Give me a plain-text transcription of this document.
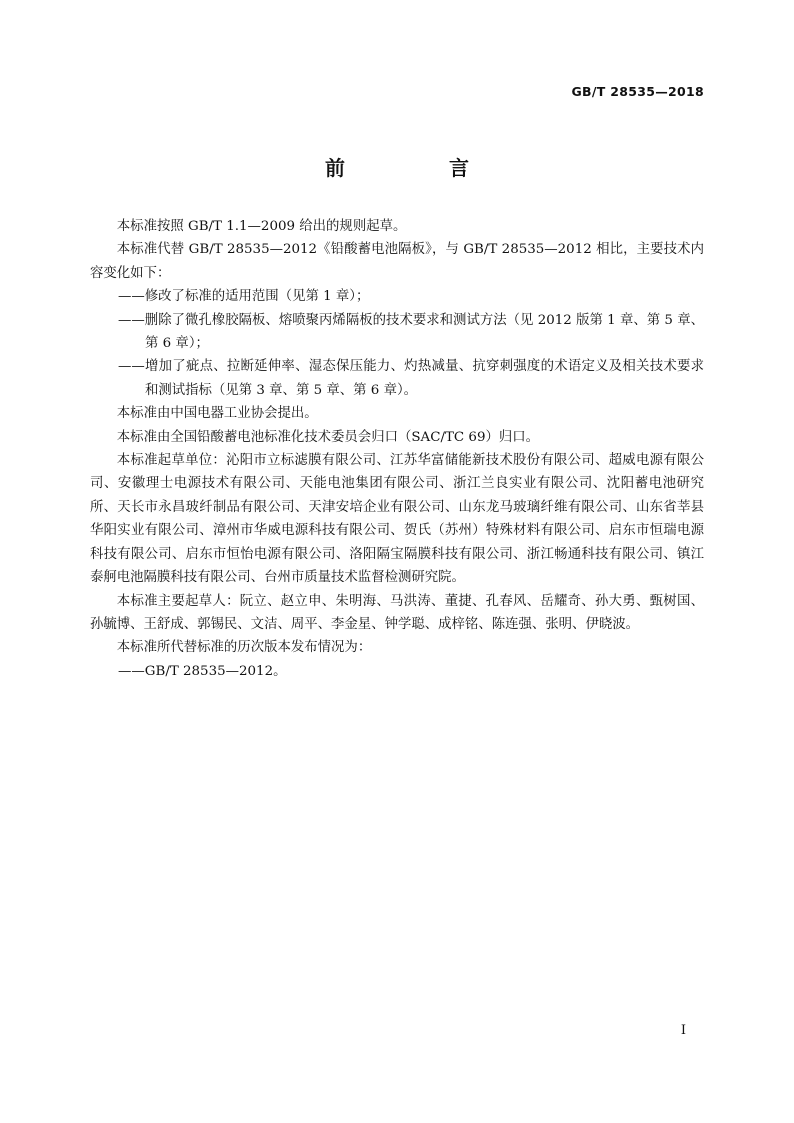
GB/T 28535—2018
前　言

本标准按照 GB/T 1.1—2009 给出的规则起草。

本标准代替 GB/T 28535—2012《铅酸蓄电池隔板》，与 GB/T 28535—2012 相比，主要技术内容变化如下：

——修改了标准的适用范围（见第 1 章）；

——删除了微孔橡胶隔板、熔喷聚丙烯隔板的技术要求和测试方法（见 2012 版第 1 章、第 5 章、第 6 章）；

——增加了疵点、拉断延伸率、湿态保压能力、灼热减量、抗穿刺强度的术语定义及相关技术要求和测试指标（见第 3 章、第 5 章、第 6 章）。

本标准由中国电器工业协会提出。

本标准由全国铅酸蓄电池标准化技术委员会归口（SAC/TC 69）归口。

本标准起草单位：沁阳市立标滤膜有限公司、江苏华富储能新技术股份有限公司、超威电源有限公司、安徽理士电源技术有限公司、天能电池集团有限公司、浙江兰良实业有限公司、沈阳蓄电池研究所、天长市永昌玻纤制品有限公司、天津安培企业有限公司、山东龙马玻璃纤维有限公司、山东省莘县华阳实业有限公司、漳州市华威电源科技有限公司、贺氏（苏州）特殊材料有限公司、启东市恒瑞电源科技有限公司、启东市恒怡电源有限公司、洛阳隔宝隔膜科技有限公司、浙江畅通科技有限公司、镇江泰舸电池隔膜科技有限公司、台州市质量技术监督检测研究院。

本标准主要起草人：阮立、赵立申、朱明海、马洪涛、董捷、孔春风、岳耀奇、孙大勇、甄树国、孙毓博、王舒成、郭锡民、文洁、周平、李金星、钟学聪、成梓铭、陈连强、张明、伊晓波。

本标准所代替标准的历次版本发布情况为：

——GB/T 28535—2012。

I
